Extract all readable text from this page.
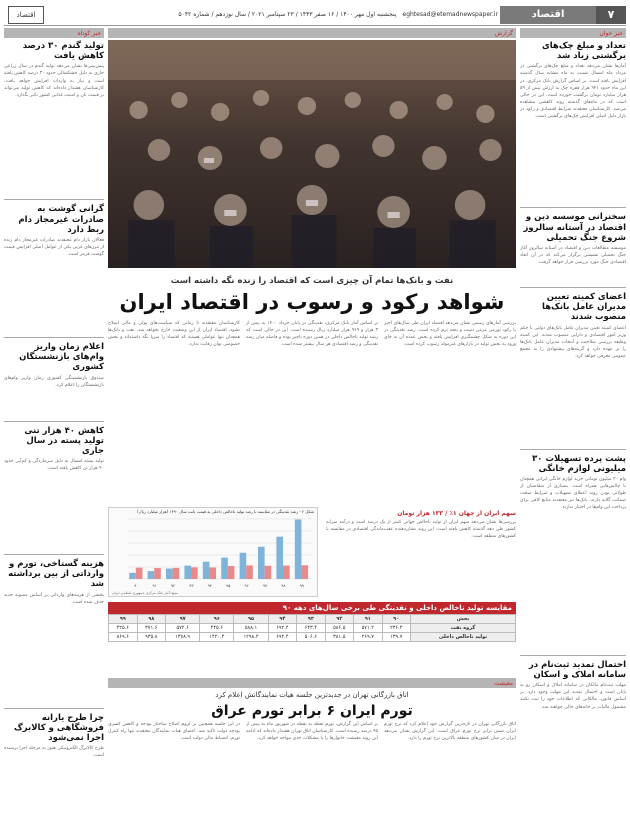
۷
اقتصاد
eghtesad@etemadnewspaper.ir
پنجشنبه اول مهر ۱۴۰۰ / ۱۶ صفر ۱۴۴۳ / ۲۳ سپتامبر ۲۰۲۱ / سال نوزدهم / شماره ۵۰۴۲
اقتصاد
خبر خوان
تعداد و مبلغ چک‌های برگشتی زیاد شد
آمارها نشان می‌دهد تعداد و مبلغ چک‌های برگشتی در مرداد ماه امسال نسبت به ماه مشابه سال گذشته افزایش یافته است. بر اساس گزارش بانک مرکزی، در این ماه حدود ۹۴۱ هزار فقره چک به ارزش بیش از ۵۹ هزار میلیارد تومان برگشت خورده است. این در حالی است که در ماه‌های گذشته روند کاهشی مشاهده می‌شد. کارشناسان معتقدند شرایط اقتصادی و رکود در بازار دلیل اصلی افزایش چک‌های برگشتی است.
سخنرانی موسسه دین و اقتصاد در آستانه سالروز شروع جنگ تحمیلی
موسسه مطالعات دین و اقتصاد در آستانه سالروز آغاز جنگ تحمیلی نشستی برگزار می‌کند که در آن ابعاد اقتصادی جنگ مورد بررسی قرار خواهد گرفت.
اعضای کمیته تعیین مدیران عامل بانک‌ها منصوب شدند
اعضای کمیته تعیین مدیران عامل بانک‌های دولتی با حکم وزیر امور اقتصادی و دارایی منصوب شدند. این کمیته وظیفه بررسی صلاحیت و انتخاب مدیران عامل بانک‌ها را بر عهده دارد و گزینه‌های پیشنهادی را به مجمع عمومی معرفی خواهد کرد.
پشت پرده تسهیلات ۳۰ میلیونی لوازم خانگی
وام ۳۰ میلیون تومانی خرید لوازم خانگی ایرانی همچنان با چالش‌هایی همراه است. بسیاری از متقاضیان از طولانی بودن روند اعطای تسهیلات و شرایط سخت ضمانت گلایه دارند. بانک‌ها نیز معتقدند منابع کافی برای پرداخت این وام‌ها در اختیار ندارند.
احتمال تمدید ثبت‌نام در سامانه املاک و اسکان
مهلت ثبت‌نام مالکان در سامانه املاک و اسکان رو به پایان است و احتمال تمدید این مهلت وجود دارد. بر اساس قانون، مالکانی که اطلاعات خود را ثبت نکنند مشمول مالیات بر خانه‌های خالی خواهند شد.
خبر کوتاه
تولید گندم ۳۰ درصد کاهش یافت
پیش‌بینی‌ها نشان می‌دهد تولید گندم در سال زراعی جاری به دلیل خشکسالی حدود ۳۰ درصد کاهش یافته است و نیاز به واردات افزایش خواهد یافت. کارشناسان هشدار داده‌اند که کاهش تولید می‌تواند بر قیمت نان و امنیت غذایی کشور تاثیر بگذارد.
گرانی گوشت به صادرات غیرمجاز دام ربط دارد
فعالان بازار دام معتقدند صادرات غیرمجاز دام زنده از مرزهای غربی یکی از عوامل اصلی افزایش قیمت گوشت قرمز است.
اعلام زمان واریز وام‌های بازنشستگان کشوری
صندوق بازنشستگی کشوری زمان واریز وام‌های بازنشستگان را اعلام کرد.
کاهش ۴۰ هزار تنی تولید پسته در سال جاری
تولید پسته امسال به دلیل سرمازدگی و کم‌آبی حدود ۴۰ هزار تن کاهش یافته است.
هزینه گستاخی، تورم و وارداتی از بین برداشته شد
بخشی از هزینه‌های وارداتی بر اساس مصوبه جدید حذف شده است.
چرا طرح یارانه فروشگاهی و کالابرگ اجرا نمی‌شود
طرح کالابرگ الکترونیکی هنوز به مرحله اجرا نرسیده است.
گزارش
نفت و بانک‌ها تمام آن چیزی است که اقتصاد را زنده نگه داشته است
شواهد رکود و رسوب در اقتصاد ایران
بررسی آمارهای رسمی نشان می‌دهد اقتصاد ایران طی سال‌های اخیر با رکود تورمی مزمن دست و پنجه نرم کرده است. رشد نقدینگی در این دوره به شکل چشمگیری افزایش یافته و بخش عمده آن به جای ورود به بخش تولید در بازارهای غیرمولد رسوب کرده است.
بر اساس آمار بانک مرکزی، نقدینگی در پایان خرداد ۱۴۰۰ به بیش از ۳ هزار و ۹۶۹ هزار میلیارد ریال رسیده است. این در حالی است که رشد تولید ناخالص داخلی در همین دوره ناچیز بوده و فاصله میان رشد نقدینگی و رشد اقتصادی هر سال بیشتر شده است.
کارشناسان معتقدند تا زمانی که سیاست‌های پولی و مالی اصلاح نشود، اقتصاد ایران از این وضعیت خارج نخواهد شد. نفت و بانک‌ها همچنان تنها عواملی هستند که اقتصاد را سرپا نگه داشته‌اند و بخش خصوصی توان رقابت ندارد.
سهم ایران از جهان ۱٪ / ۱۳۳ هزار تومان
بررسی‌ها نشان می‌دهد سهم ایران از تولید ناخالص جهانی کمتر از یک درصد است و درآمد سرانه کشور طی دهه گذشته کاهش یافته است. این روند نشان‌دهنده عقب‌ماندگی اقتصادی در مقایسه با کشورهای منطقه است.
شکل ۲ - رشد نقدینگی در مقایسه با رشد تولید ناخالص داخلی به قیمت ثابت سال ۱۳۹۰ (هزار میلیارد ریال)
۹۰	۹۱	۹۲	۹۳	۹۴	۹۵	۹۶	۹۷	۹۸	۹۹
منبع: آمار بانک مرکزی جمهوری اسلامی ایران
مقایسه تولید ناخالص داخلی و نقدینگی طی برخی سال‌های دهه ۹۰
بخش	۹۰	۹۱	۹۲	۹۳	۹۴	۹۵	۹۶	۹۷	۹۸	۹۹
گروه نفت	۲۳۶.۴	۵۷۱.۲	۵۸۶.۵	۶۴۳.۴	۶۹۲.۴	۵۸۸.۱	۴۴۵.۶	۵۷۲.۶	۳۷۱.۶	۴۲۵.۶
تولید ناخالص داخلی	۱۳۹.۷	۲۶۹.۷	۳۸۱.۵	۵۰۶.۶	۶۹۲.۴	۱۲۹۸.۴	۱۴۲۰.۴	۱۳۷۸.۹	۹۳۵.۸	۸۶۹.۶
معیشت
اتاق بازرگانی تهران در جدیدترین جلسه هیات نمایندگانش اعلام کرد
تورم ایران ۶ برابر تورم عراق
اتاق بازرگانی تهران در تازه‌ترین گزارش خود اعلام کرد که نرخ تورم ایران شش برابر نرخ تورم عراق است. این گزارش نشان می‌دهد ایران در میان کشورهای منطقه بالاترین نرخ تورم را دارد.
بر اساس این گزارش، تورم نقطه به نقطه در شهریور ماه به بیش از ۴۵ درصد رسیده است. کارشناسان اتاق تهران هشدار داده‌اند که ادامه این روند معیشت خانوارها را با مشکلات جدی مواجه خواهد کرد.
در این جلسه همچنین بر لزوم اصلاح ساختار بودجه و کاهش کسری بودجه دولت تاکید شد. اعضای هیات نمایندگان معتقدند تنها راه کنترل تورم، انضباط مالی دولت است.
